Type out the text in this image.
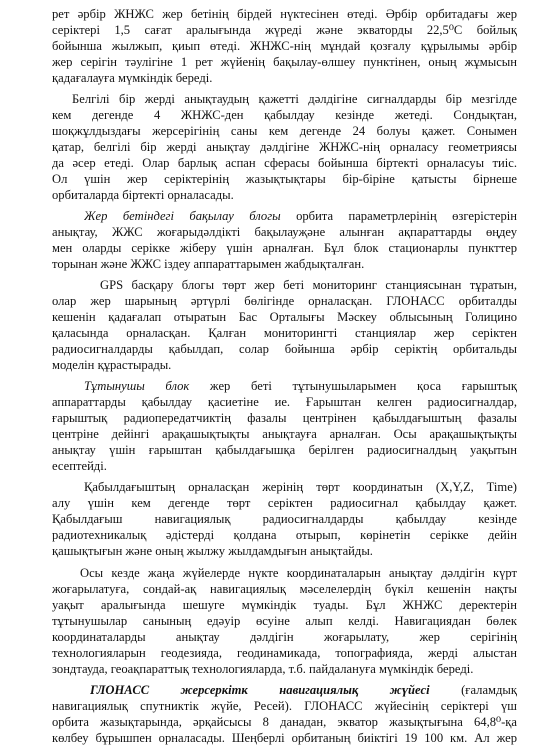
рет әрбір ЖНЖС жер бетінің бірдей нүктесінен өтеді. Әрбір орбитадағы жер
серіктері 1,5 сағат аралығында жүреді және экваторды 22,5⁰С бойлық
бойынша жылжып, қиып өтеді. ЖНЖС-нің мұндай қозғалу құрылымы әрбір
жер серігін тәулігіне 1 рет жүйенің бақылау-өлшеу пунктінен, оның жұмысын
қадағалауға мүмкіндік береді.
Белгілі бір жерді анықтаудың қажетті дәлдігіне сигналдарды бір мезгілде
кем дегенде 4 ЖНЖС-ден қабылдау кезінде жетеді. Сондықтан,
шоқжұлдыздағы жерсерігінің саны кем дегенде 24 болуы қажет. Сонымен
қатар, белгілі бір жерді анықтау дәлдігіне ЖНЖС-нің орналасу геометриясы
да әсер етеді. Олар барлық аспан сферасы бойынша біртекті орналасуы тиіс.
Ол үшін жер серіктерінің жазықтықтары бір-біріне қатысты бірнеше
орбиталарда біртекті орналасады.
Жер бетіндегі бақылау блогы орбита параметрлерінің өзгерістерін
анықтау, ЖЖС жоғарыдәлдікті бақылауҗәне алынған ақпараттарды өңдеу
мен оларды серікке жіберу үшін арналған. Бұл блок стационарлы пункттер
торынан және ЖЖС іздеу аппараттарымен жабдықталған.
GPS басқару блогы төрт жер беті мониторинг станциясынан тұратын,
олар жер шарының әртүрлі бөлігінде орналасқан. ГЛОНАСС орбиталды
кешенін қадағалап отыратын Бас Орталығы Мәскеу облысының Голицино
қаласында орналасқан. Қалған мониторингті станциялар жер серіктен
радиосигналдарды қабылдап, солар бойынша әрбір серіктің орбитальды
моделін құрастырады.
Тұтынушы блок жер беті тұтынушыларымен қоса ғарыштық
аппараттарды қабылдау қасиетіне ие. Ғарыштан келген радиосигналдар,
ғарыштық радиопередатчиктің фазалы центрінен қабылдағыштың фазалы
центріне дейінгі арақашықтықты анықтауға арналған. Осы арақашықтықты
анықтау үшін ғарыштан қабылдағышқа берілген радиосигналдың уақытын
есептейді.
Қабылдағыштың орналасқан жерінің төрт координатын (X,Y,Z, Time)
алу үшін кем дегенде төрт серіктен радиосигнал қабылдау қажет.
Қабылдағыш навигациялық радиосигналдарды қабылдау кезінде
радиотехникалық әдістерді қолдана отырып, көрінетін серікке дейін
қашықтығын және оның жылжу жылдамдығын анықтайды.
Осы кезде жаңа жүйелерде нүкте координаталарын анықтау дәлдігін күрт
жоғарылатуға, сондай-ақ навигациялық мәселелердің бүкіл кешенін нақты
уақыт аралығында шешуге мүмкіндік туады. Бұл ЖНЖС деректерін
тұтынушылар санының едәуір өсуіне алып келді. Навигациядан бөлек
координаталарды анықтау дәлдігін жоғарылату, жер серігінің
технологияларын геодезияда, геодинамикада, топографияда, жерді алыстан
зондтауда, геоақпараттық технологияларда, т.б. пайдалануға мүмкіндік береді.
ГЛОНАСС жерсеркітк навигациялық жүйесі (ғаламдық
навигациялық спутниктік жүйе, Ресей). ГЛОНАСС жүйесінің серіктері үш
орбита жазықтарында, әрқайсысы 8 данадан, экватор жазықтығына 64,8⁰-қа
көлбеу бұрышпен орналасады. Шеңберлі орбитаның биіктігі 19 100 км. Ал жер
